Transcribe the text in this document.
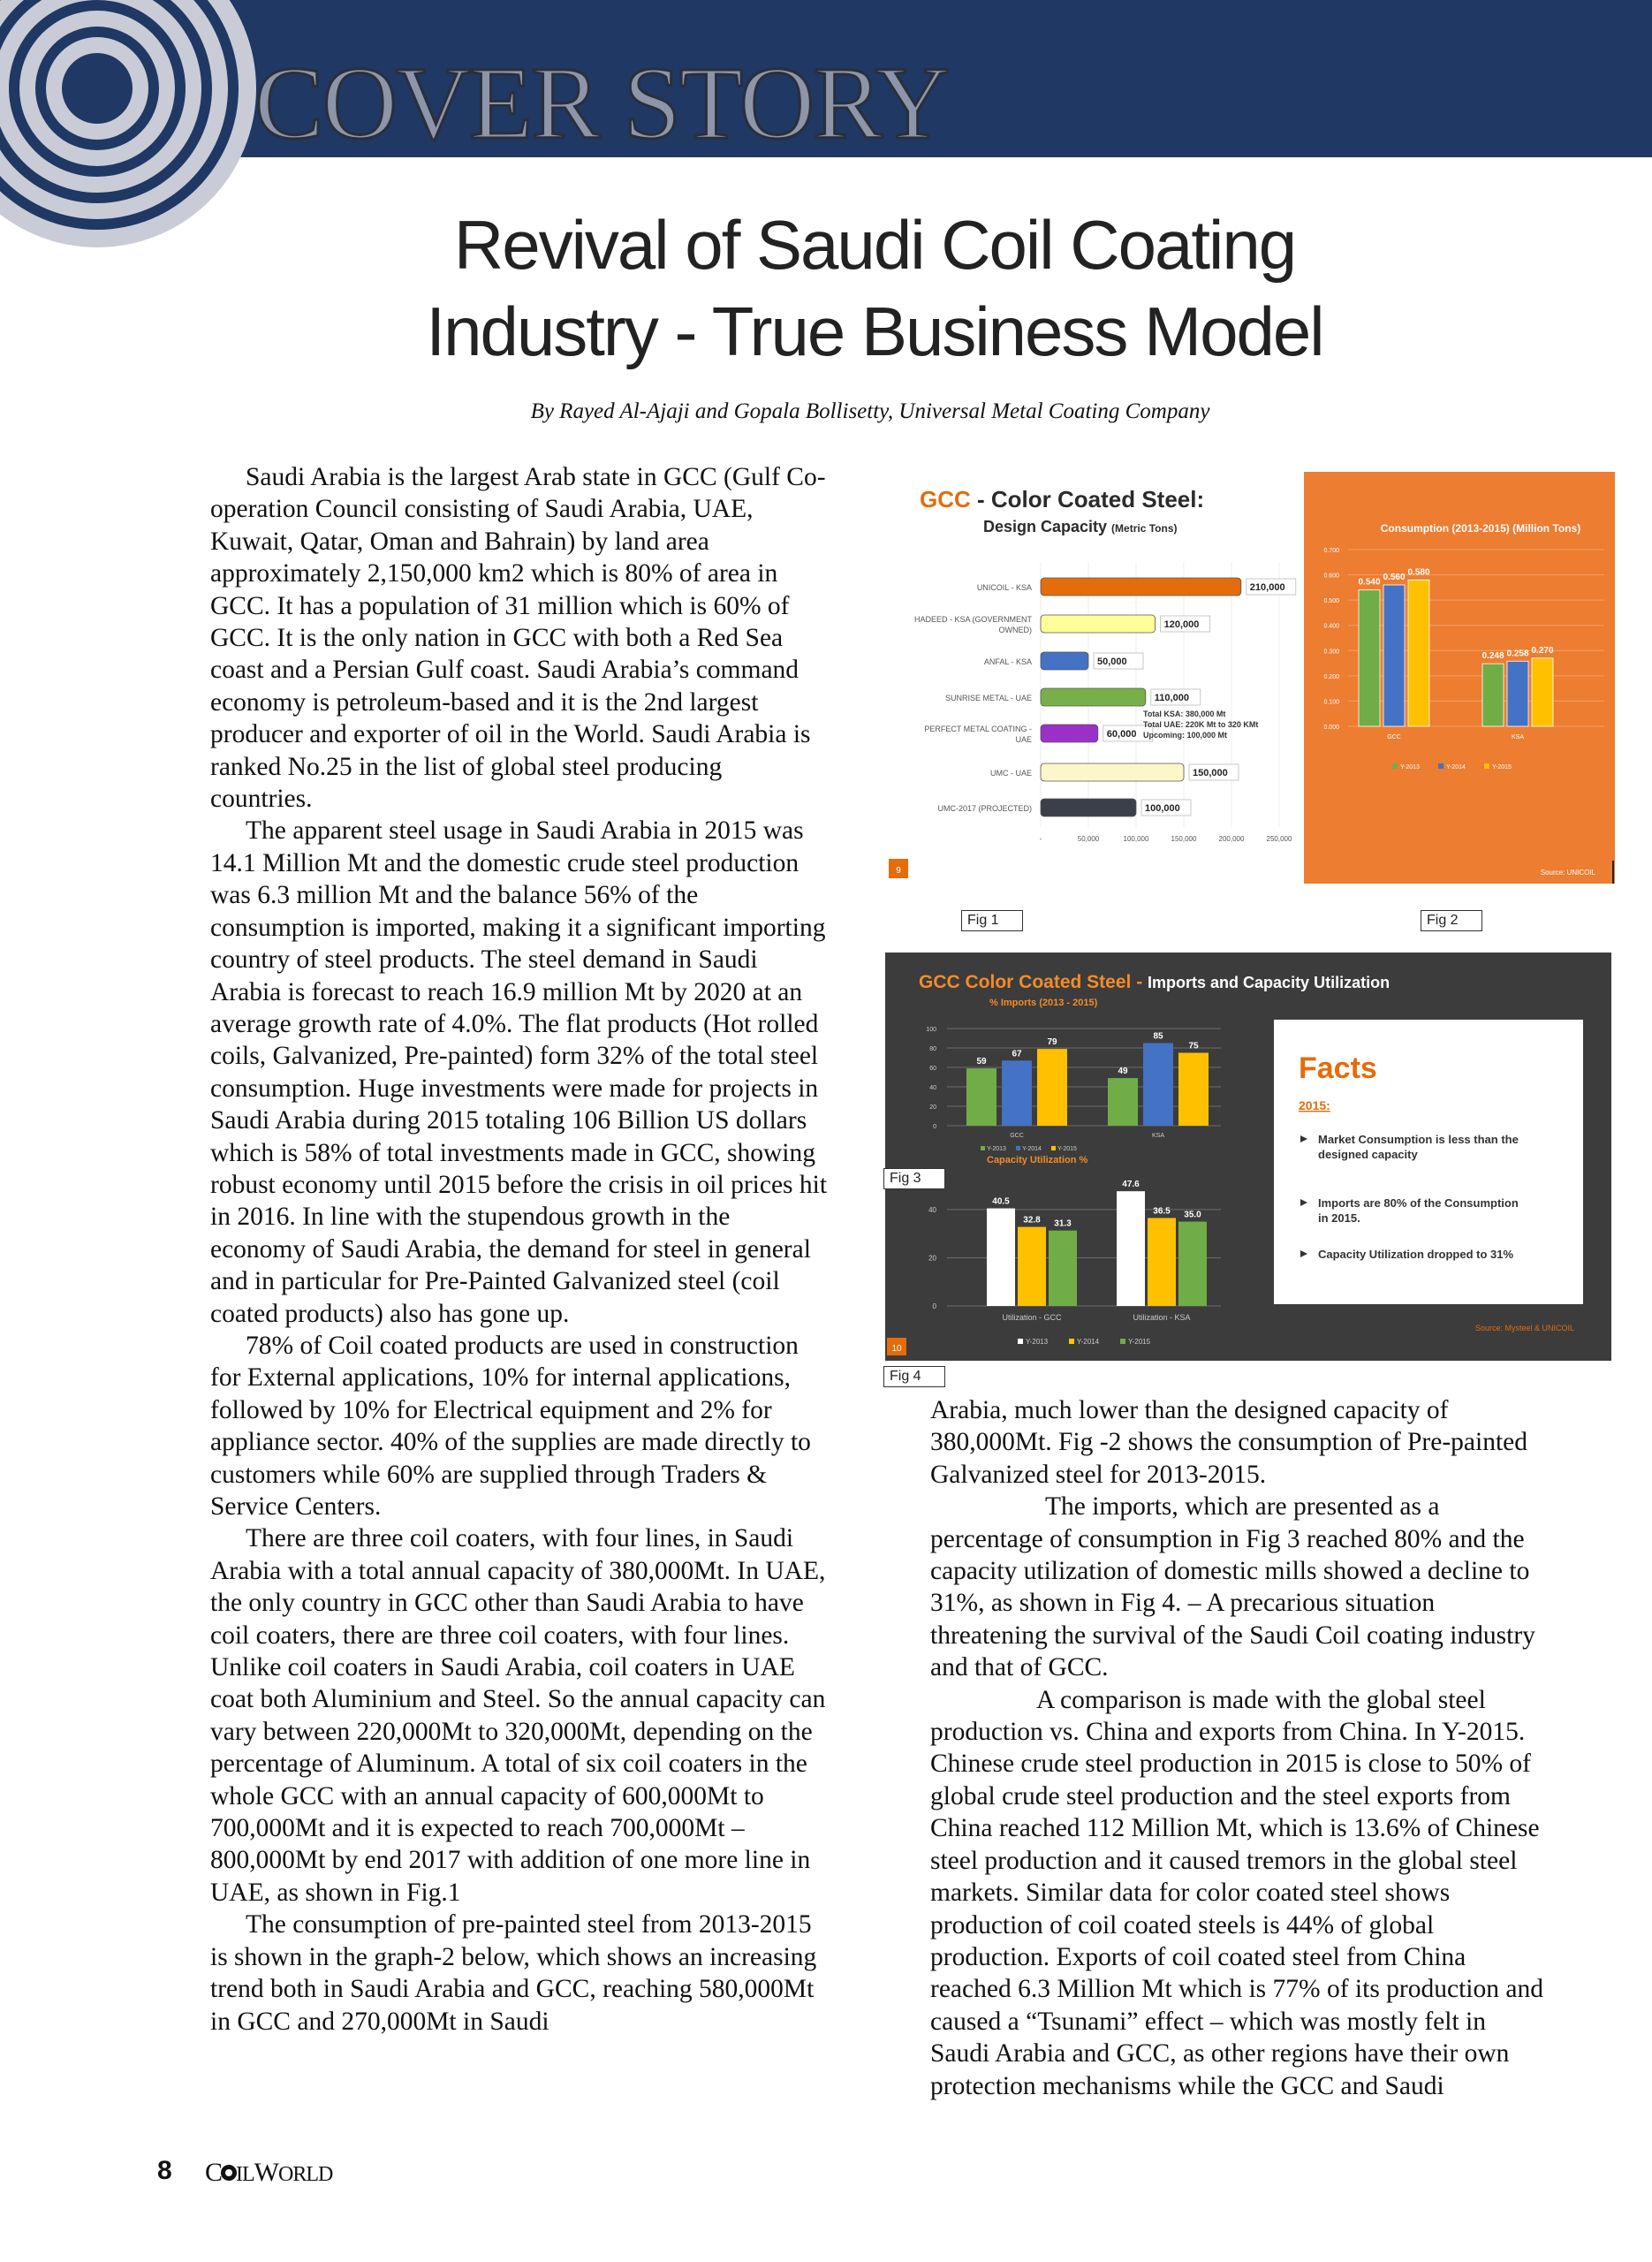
COVER STORY
Revival of Saudi Coil Coating
Industry - True Business Model
By Rayed Al-Ajaji and Gopala Bollisetty, Universal Metal Coating Company

Saudi Arabia is the largest Arab state in GCC (Gulf Co-operation Council consisting of Saudi Arabia, UAE, Kuwait, Qatar, Oman and Bahrain) by land area approximately 2,150,000 km2 which is 80% of area in GCC. It has a population of 31 million which is 60% of GCC. It is the only nation in GCC with both a Red Sea coast and a Persian Gulf coast. Saudi Arabia’s command economy is petroleum-based and it is the 2nd largest producer and exporter of oil in the World. Saudi Arabia is ranked No.25 in the list of global steel producing countries.

The apparent steel usage in Saudi Arabia in 2015 was 14.1 Million Mt and the domestic crude steel production was 6.3 million Mt and the balance 56% of the consumption is imported, making it a significant importing country of steel products. The steel demand in Saudi Arabia is forecast to reach 16.9 million Mt by 2020 at an average growth rate of 4.0%. The flat products (Hot rolled coils, Galvanized, Pre-painted) form 32% of the total steel consumption. Huge investments were made for projects in Saudi Arabia during 2015 totaling 106 Billion US dollars which is 58% of total investments made in GCC, showing robust economy until 2015 before the crisis in oil prices hit in 2016. In line with the stupendous growth in the economy of Saudi Arabia, the demand for steel in general and in particular for Pre-Painted Galvanized steel (coil coated products) also has gone up.

78% of Coil coated products are used in construction for External applications, 10% for internal applications, followed by 10% for Electrical equipment and 2% for appliance sector. 40% of the supplies are made directly to customers while 60% are supplied through Traders & Service Centers.

There are three coil coaters, with four lines, in Saudi Arabia with a total annual capacity of 380,000Mt. In UAE, the only country in GCC other than Saudi Arabia to have coil coaters, there are three coil coaters, with four lines. Unlike coil coaters in Saudi Arabia, coil coaters in UAE coat both Aluminium and Steel. So the annual capacity can vary between 220,000Mt to 320,000Mt, depending on the percentage of Aluminum. A total of six coil coaters in the whole GCC with an annual capacity of 600,000Mt to 700,000Mt and it is expected to reach 700,000Mt – 800,000Mt by end 2017 with addition of one more line in UAE, as shown in Fig.1

The consumption of pre-painted steel from 2013-2015 is shown in the graph-2 below, which shows an increasing trend both in Saudi Arabia and GCC, reaching 580,000Mt in GCC and 270,000Mt in Saudi

Arabia, much lower than the designed capacity of 380,000Mt. Fig -2 shows the consumption of Pre-painted Galvanized steel for 2013-2015.

The imports, which are presented as a percentage of consumption in Fig 3 reached 80% and the capacity utilization of domestic mills showed a decline to 31%, as shown in Fig 4. – A precarious situation threatening the survival of the Saudi Coil coating industry and that of GCC.

A comparison is made with the global steel production vs. China and exports from China. In Y-2015. Chinese crude steel production in 2015 is close to 50% of global crude steel production and the steel exports from China reached 112 Million Mt, which is 13.6% of Chinese steel production and it caused tremors in the global steel markets. Similar data for color coated steel shows production of coil coated steels is 44% of global production. Exports of coil coated steel from China reached 6.3 Million Mt which is 77% of its production and caused a “Tsunami” effect – which was mostly felt in Saudi Arabia and GCC, as other regions have their own protection mechanisms while the GCC and Saudi

GCC - Color Coated Steel:
Design Capacity (Metric Tons)
-	50,000	100,000	150,000	200,000	250,000
UNICOIL - KSA	210,000
HADEED - KSA (GOVERNMENT
OWNED)	120,000
ANFAL - KSA	50,000
SUNRISE METAL - UAE	110,000
PERFECT METAL COATING -
UAE	60,000
UMC - UAE	150,000
UMC-2017 (PROJECTED)	100,000
Total KSA: 380,000 Mt
Total UAE: 220K Mt to 320 KMt
Upcoming: 100,000 Mt
9
Fig 1
Consumption (2013-2015) (Million Tons)
0.000
0.100
0.200
0.300
0.400
0.500
0.600
0.700
0.540
0.560
0.580
GCC
0.248 0.258 0.270
KSA
Y-2013	Y-2014	Y-2015
Source: UNICOIL
Fig 2
GCC Color Coated Steel - Imports and Capacity Utilization
% Imports (2013 - 2015)
0
20
40
60
80
100
59
67
79
GCC
49
85
75
KSA
Y-2013	Y-2014	Y-2015
Capacity Utilization %
0
20
40
40.5
32.8 31.3
Utilization - GCC
47.6
36.5 35.0
Utilization - KSA
Y-2013	Y-2014	Y-2015
Facts
2015:
Market Consumption is less than the
designed capacity
Imports are 80% of the Consumption
in 2015.
Capacity Utilization dropped to 31%
Source: Mysteel & UNICOIL
10
Fig 3
Fig 4
8 C ILWORLD
